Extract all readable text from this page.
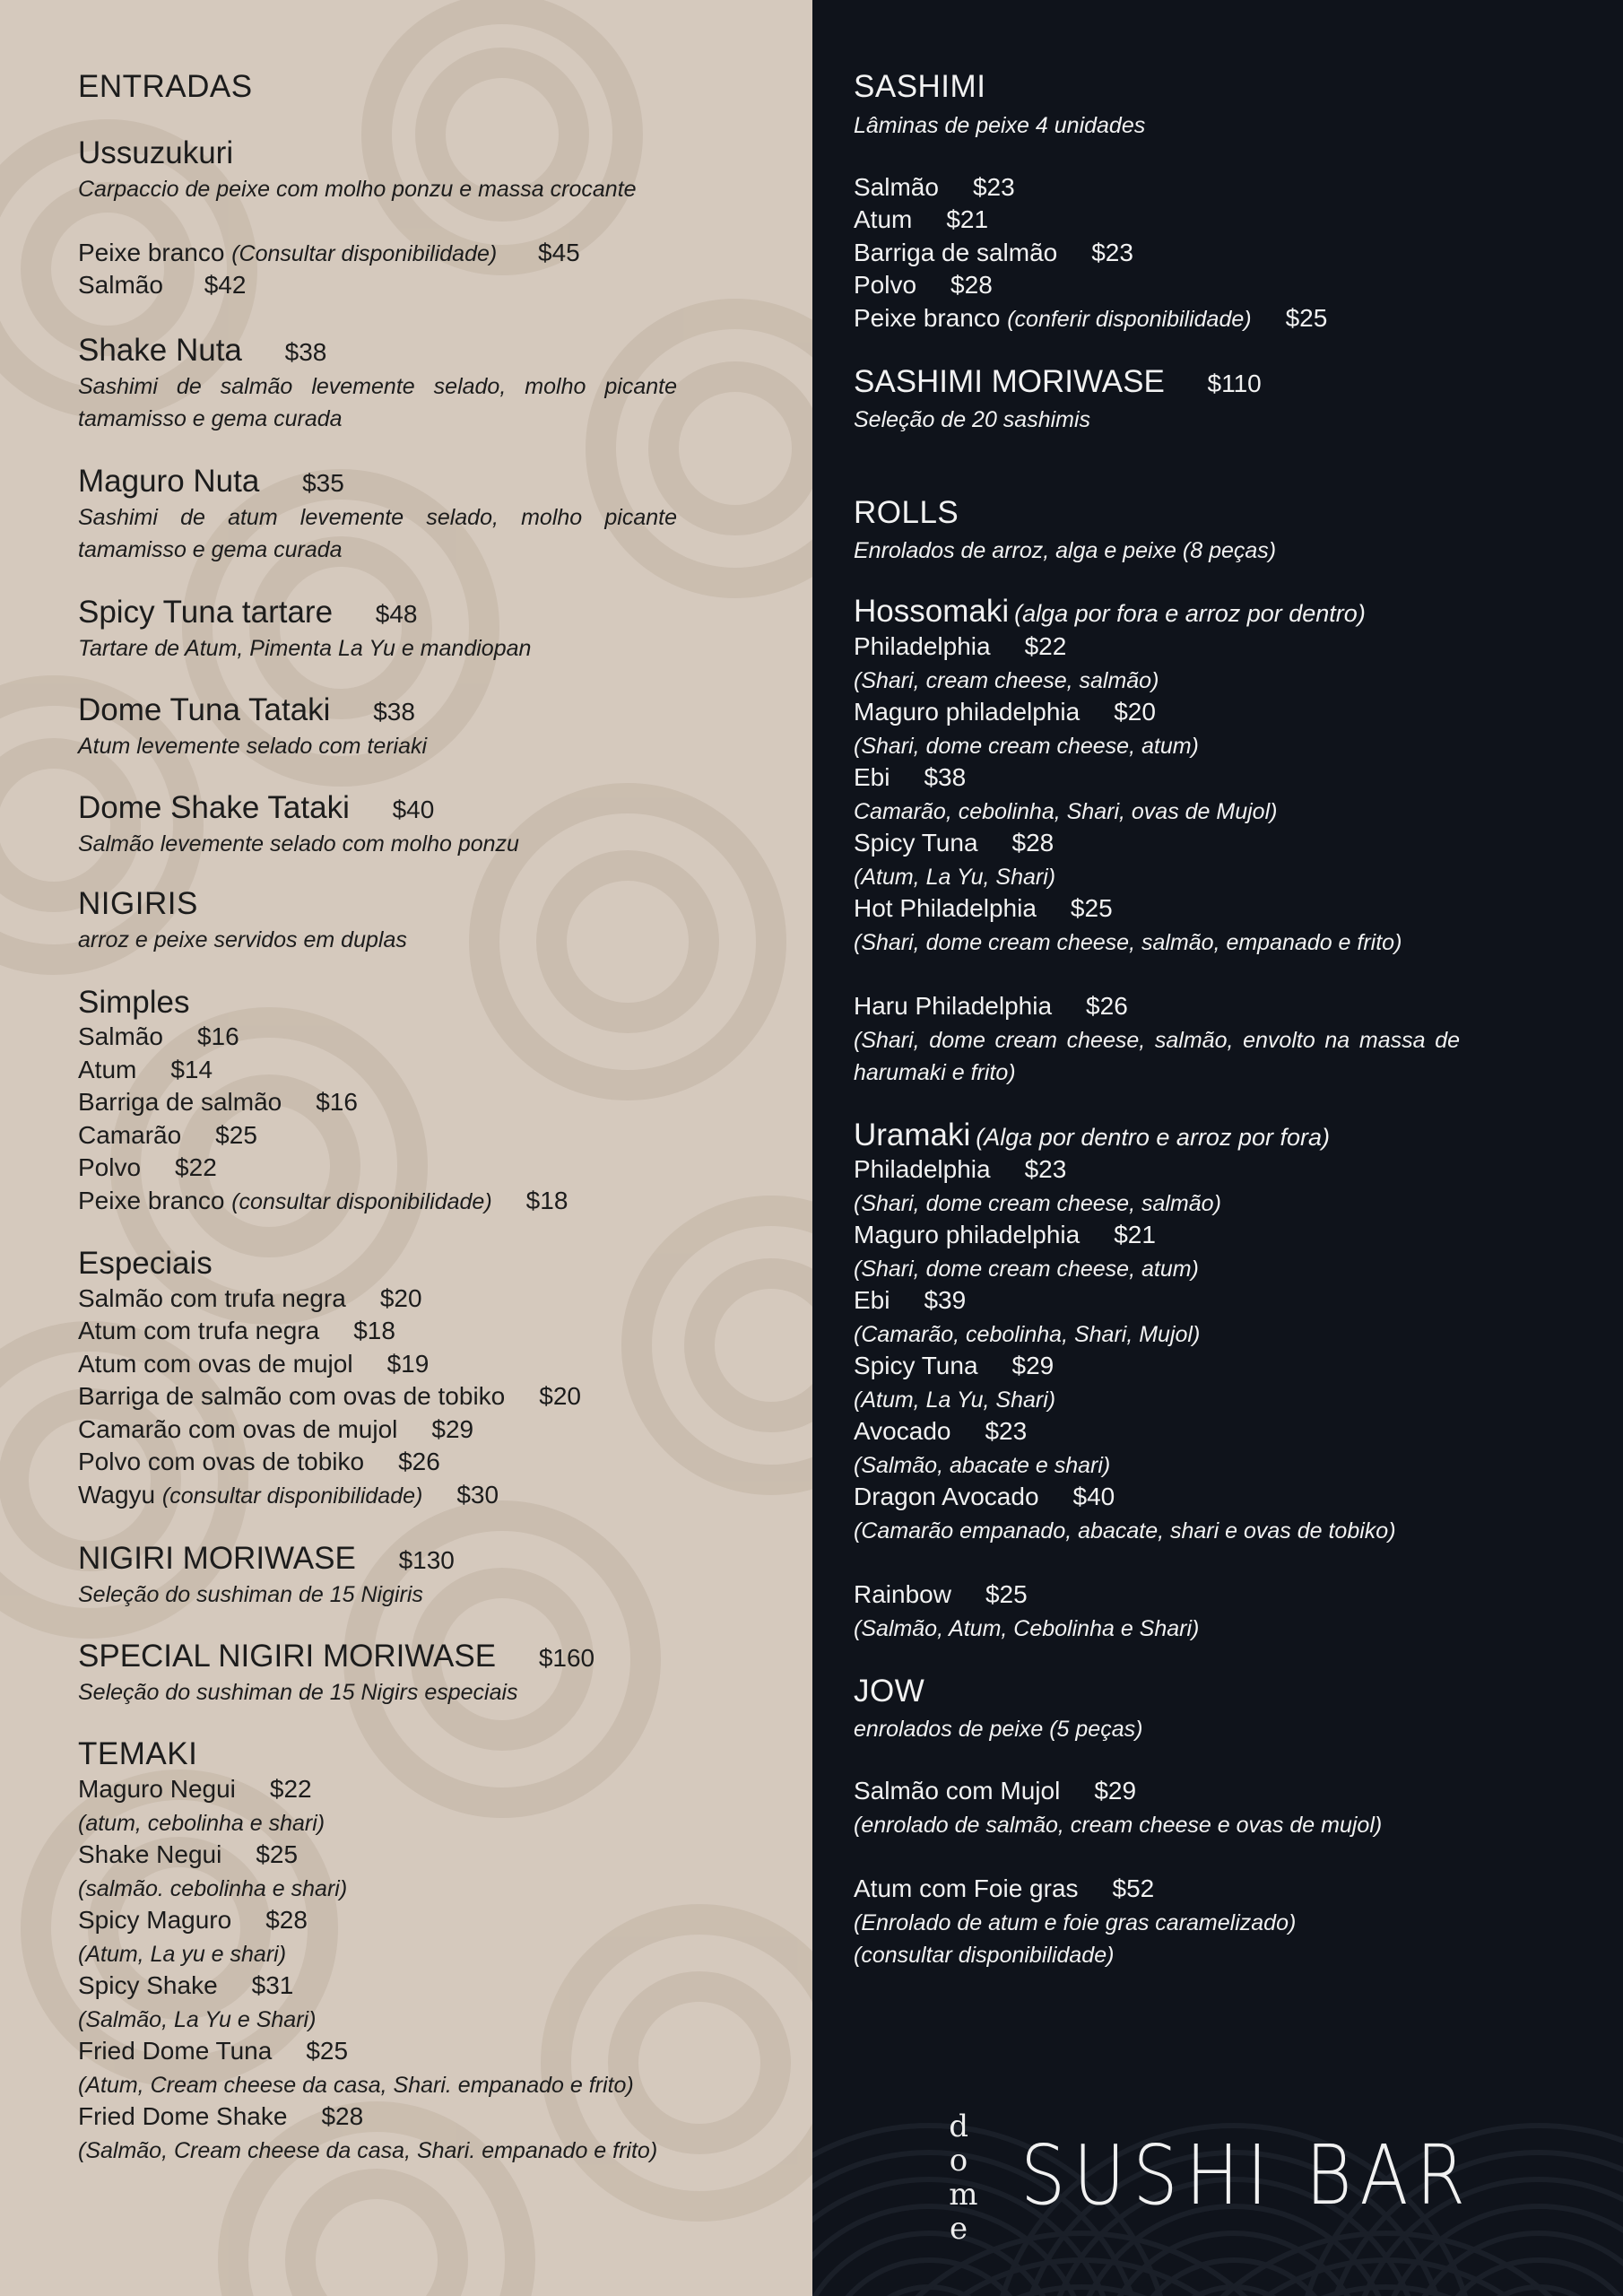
ENTRADAS
Ussuzukuri
Carpaccio de peixe com molho ponzu e massa crocante
Peixe branco (Consultar disponibilidade) $45
Salmão $42
Shake Nuta $38
Sashimi de salmão levemente selado, molho picante tamamisso e gema curada
Maguro Nuta $35
Sashimi de atum levemente selado, molho picante tamamisso e gema curada
Spicy Tuna tartare $48
Tartare de Atum, Pimenta La Yu e mandiopan
Dome Tuna Tataki $38
Atum levemente selado com teriaki
Dome Shake Tataki $40
Salmão levemente selado com molho ponzu
NIGIRIS
arroz e peixe servidos em duplas
Simples
Salmão $16
Atum $14
Barriga de salmão $16
Camarão $25
Polvo $22
Peixe branco (consultar disponibilidade) $18
Especiais
Salmão com trufa negra $20
Atum com trufa negra $18
Atum com ovas de mujol $19
Barriga de salmão com ovas de tobiko $20
Camarão com ovas de mujol $29
Polvo com ovas de tobiko $26
Wagyu (consultar disponibilidade) $30
NIGIRI MORIWASE $130
Seleção do sushiman de 15 Nigiris
SPECIAL NIGIRI MORIWASE $160
Seleção do sushiman de 15 Nigirs especiais
TEMAKI
Maguro Negui $22
(atum, cebolinha e shari)
Shake Negui $25
(salmão. cebolinha e shari)
Spicy Maguro $28
(Atum, La yu e shari)
Spicy Shake $31
(Salmão, La Yu e Shari)
Fried Dome Tuna $25
(Atum, Cream cheese da casa, Shari. empanado e frito)
Fried Dome Shake $28
(Salmão, Cream cheese da casa, Shari. empanado e frito)
SASHIMI
Lâminas de peixe 4 unidades
Salmão $23
Atum $21
Barriga de salmão $23
Polvo $28
Peixe branco (conferir disponibilidade) $25
SASHIMI MORIWASE $110
Seleção de 20 sashimis
ROLLS
Enrolados de arroz, alga e peixe (8 peças)
Hossomaki (alga por fora e arroz por dentro)
Philadelphia $22
(Shari, cream cheese, salmão)
Maguro philadelphia $20
(Shari, dome cream cheese, atum)
Ebi $38
Camarão, cebolinha, Shari, ovas de Mujol)
Spicy Tuna $28
(Atum, La Yu, Shari)
Hot Philadelphia $25
(Shari, dome cream cheese, salmão, empanado e frito)
Haru Philadelphia $26
(Shari, dome cream cheese, salmão, envolto na massa de harumaki e frito)
Uramaki (Alga por dentro e arroz por fora)
Philadelphia $23
(Shari, dome cream cheese, salmão)
Maguro philadelphia $21
(Shari, dome cream cheese, atum)
Ebi $39
(Camarão, cebolinha, Shari, Mujol)
Spicy Tuna $29
(Atum, La Yu, Shari)
Avocado $23
(Salmão, abacate e shari)
Dragon Avocado $40
(Camarão empanado, abacate, shari e ovas de tobiko)
Rainbow $25
(Salmão, Atum, Cebolinha e Shari)
JOW
enrolados de peixe (5 peças)
Salmão com Mujol $29
(enrolado de salmão, cream cheese e ovas de mujol)
Atum com Foie gras $52
(Enrolado de atum e foie gras caramelizado)
(consultar disponibilidade)
dome
SUSHI BAR
